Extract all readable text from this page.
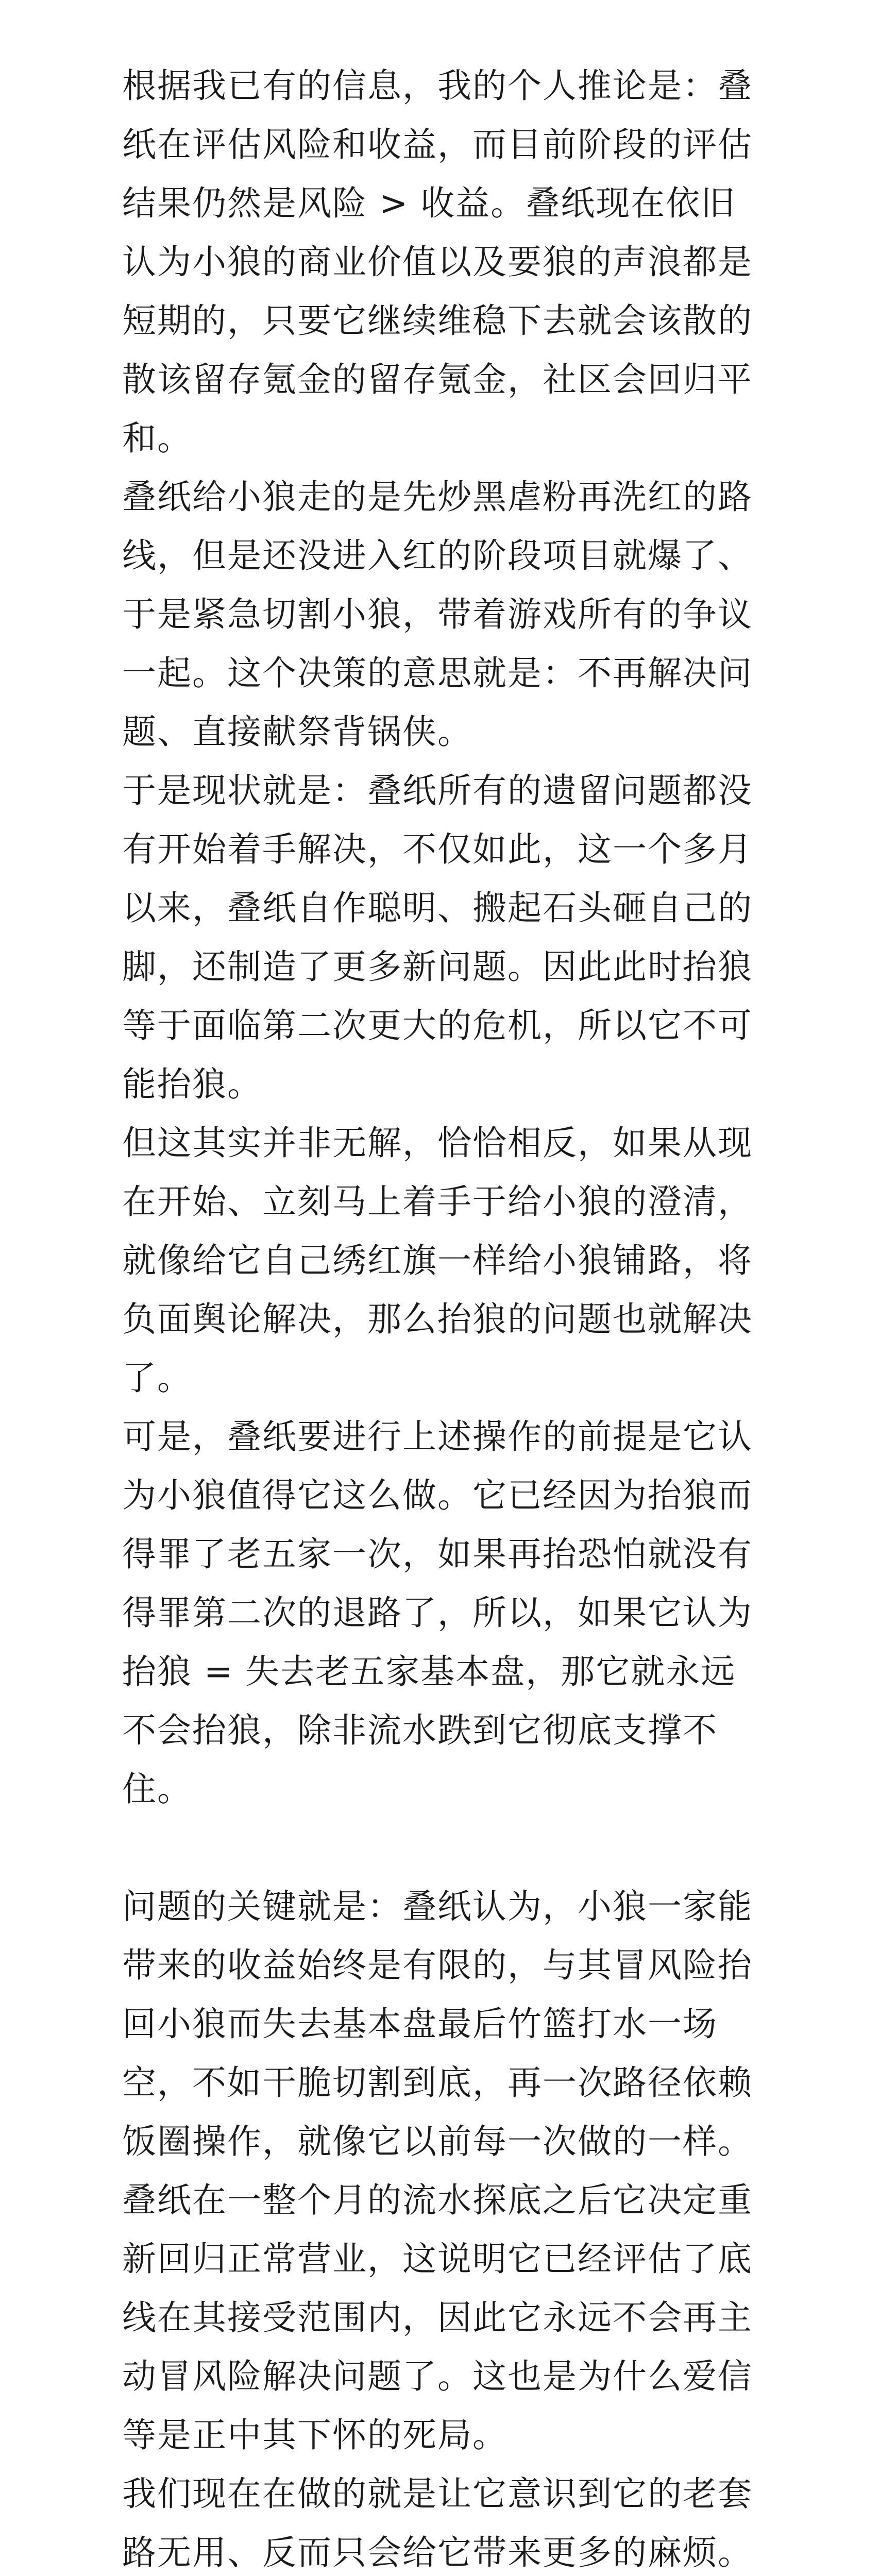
根据我已有的信息，我的个人推论是：叠纸在评估风险和收益，而目前阶段的评估结果仍然是风险 > 收益。叠纸现在依旧认为小狼的商业价值以及要狼的声浪都是短期的，只要它继续维稳下去就会该散的散该留存氪金的留存氪金，社区会回归平和。

叠纸给小狼走的是先炒黑虐粉再洗红的路线，但是还没进入红的阶段项目就爆了、于是紧急切割小狼，带着游戏所有的争议一起。这个决策的意思就是：不再解决问题、直接献祭背锅侠。

于是现状就是：叠纸所有的遗留问题都没有开始着手解决，不仅如此，这一个多月以来，叠纸自作聪明、搬起石头砸自己的脚，还制造了更多新问题。因此此时抬狼等于面临第二次更大的危机，所以它不可能抬狼。

但这其实并非无解，恰恰相反，如果从现在开始、立刻马上着手于给小狼的澄清，就像给它自己绣红旗一样给小狼铺路，将负面舆论解决，那么抬狼的问题也就解决了。

可是，叠纸要进行上述操作的前提是它认为小狼值得它这么做。它已经因为抬狼而得罪了老五家一次，如果再抬恐怕就没有得罪第二次的退路了，所以，如果它认为抬狼 = 失去老五家基本盘，那它就永远不会抬狼，除非流水跌到它彻底支撑不住。

问题的关键就是：叠纸认为，小狼一家能带来的收益始终是有限的，与其冒风险抬回小狼而失去基本盘最后竹篮打水一场空，不如干脆切割到底，再一次路径依赖饭圈操作，就像它以前每一次做的一样。

叠纸在一整个月的流水探底之后它决定重新回归正常营业，这说明它已经评估了底线在其接受范围内，因此它永远不会再主动冒风险解决问题了。这也是为什么爱信等是正中其下怀的死局。

我们现在在做的就是让它意识到它的老套路无用、反而只会给它带来更多的麻烦。
